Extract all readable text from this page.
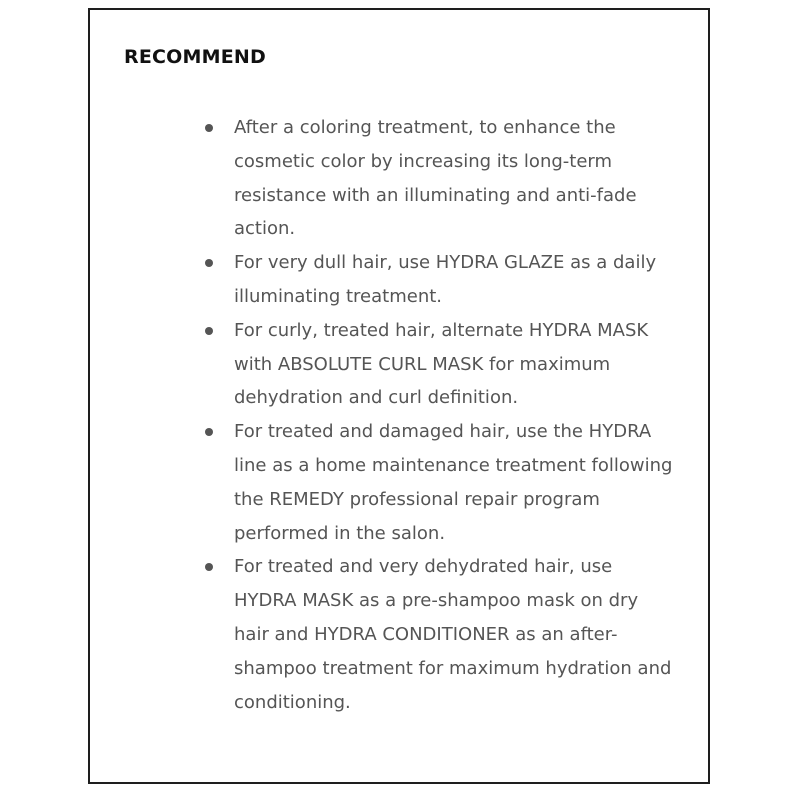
RECOMMEND
After a coloring treatment, to enhance the cosmetic color by increasing its long-term resistance with an illuminating and anti-fade action.
For very dull hair, use HYDRA GLAZE as a daily illuminating treatment.
For curly, treated hair, alternate HYDRA MASK with ABSOLUTE CURL MASK for maximum dehydration and curl definition.
For treated and damaged hair, use the HYDRA line as a home maintenance treatment following the REMEDY professional repair program performed in the salon.
For treated and very dehydrated hair, use HYDRA MASK as a pre-shampoo mask on dry hair and HYDRA CONDITIONER as an after-shampoo treatment for maximum hydration and conditioning.
